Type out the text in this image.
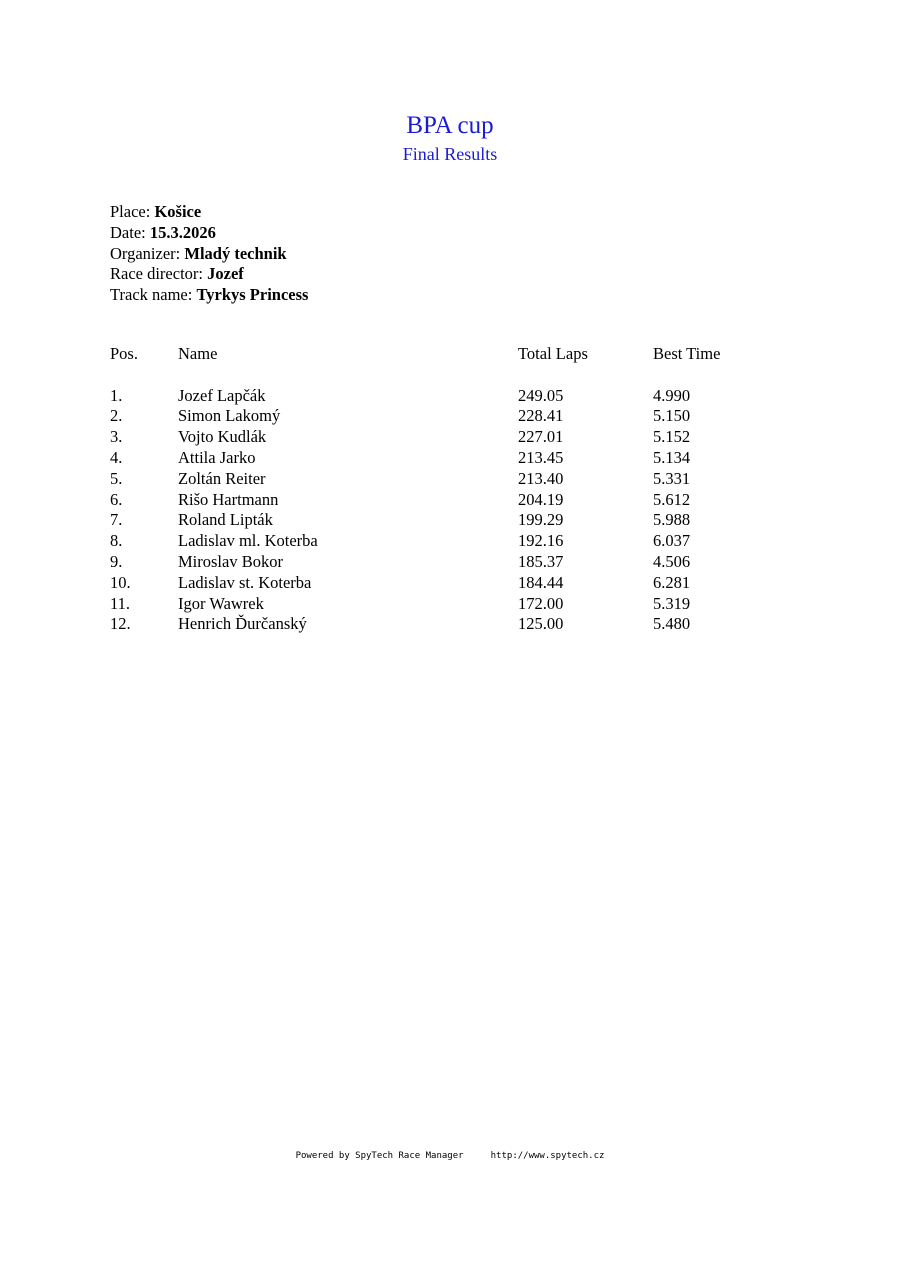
BPA cup
Final Results
Place: Košice
Date: 15.3.2026
Organizer: Mladý technik
Race director: Jozef
Track name: Tyrkys Princess
Pos. Name	Total Laps	Best Time
1.	Jozef Lapčák	249.05	4.990
2.	Simon Lakomý	228.41	5.150
3.	Vojto Kudlák	227.01	5.152
4.	Attila Jarko	213.45	5.134
5.	Zoltán Reiter	213.40	5.331
6.	Rišo Hartmann	204.19	5.612
7.	Roland Lipták	199.29	5.988
8.	Ladislav ml. Koterba	192.16	6.037
9.	Miroslav Bokor	185.37	4.506
10.	Ladislav st. Koterba	184.44	6.281
11.	Igor Wawrek	172.00	5.319
12.	Henrich Ďurčanský	125.00	5.480
Powered by SpyTech Race Manager	http://www.spytech.cz
